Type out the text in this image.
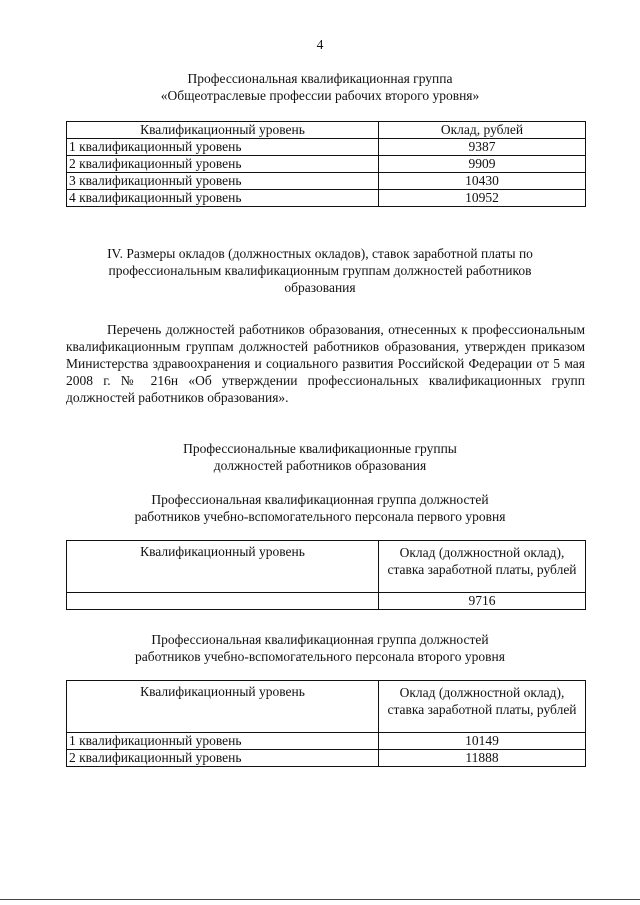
4
Профессиональная квалификационная группа
«Общеотраслевые профессии рабочих второго уровня»
Квалификационный уровень	Оклад, рублей
1 квалификационный уровень	9387
2 квалификационный уровень	9909
3 квалификационный уровень	10430
4 квалификационный уровень	10952
IV. Размеры окладов (должностных окладов), ставок заработной платы по
профессиональным квалификационным группам должностей работников
образования
Перечень должностей работников образования, отнесенных к профессиональным квалификационным группам должностей работников образования, утвержден приказом Министерства здравоохранения и социального развития Российской Федерации от 5 мая 2008 г. № 216н «Об утверждении профессиональных квалификационных групп должностей работников образования».
Профессиональные квалификационные группы
должностей работников образования
Профессиональная квалификационная группа должностей
работников учебно-вспомогательного персонала первого уровня
Квалификационный уровень	Оклад (должностной оклад), ставка заработной платы, рублей
	9716
Профессиональная квалификационная группа должностей
работников учебно-вспомогательного персонала второго уровня
Квалификационный уровень	Оклад (должностной оклад), ставка заработной платы, рублей
1 квалификационный уровень	10149
2 квалификационный уровень	11888
